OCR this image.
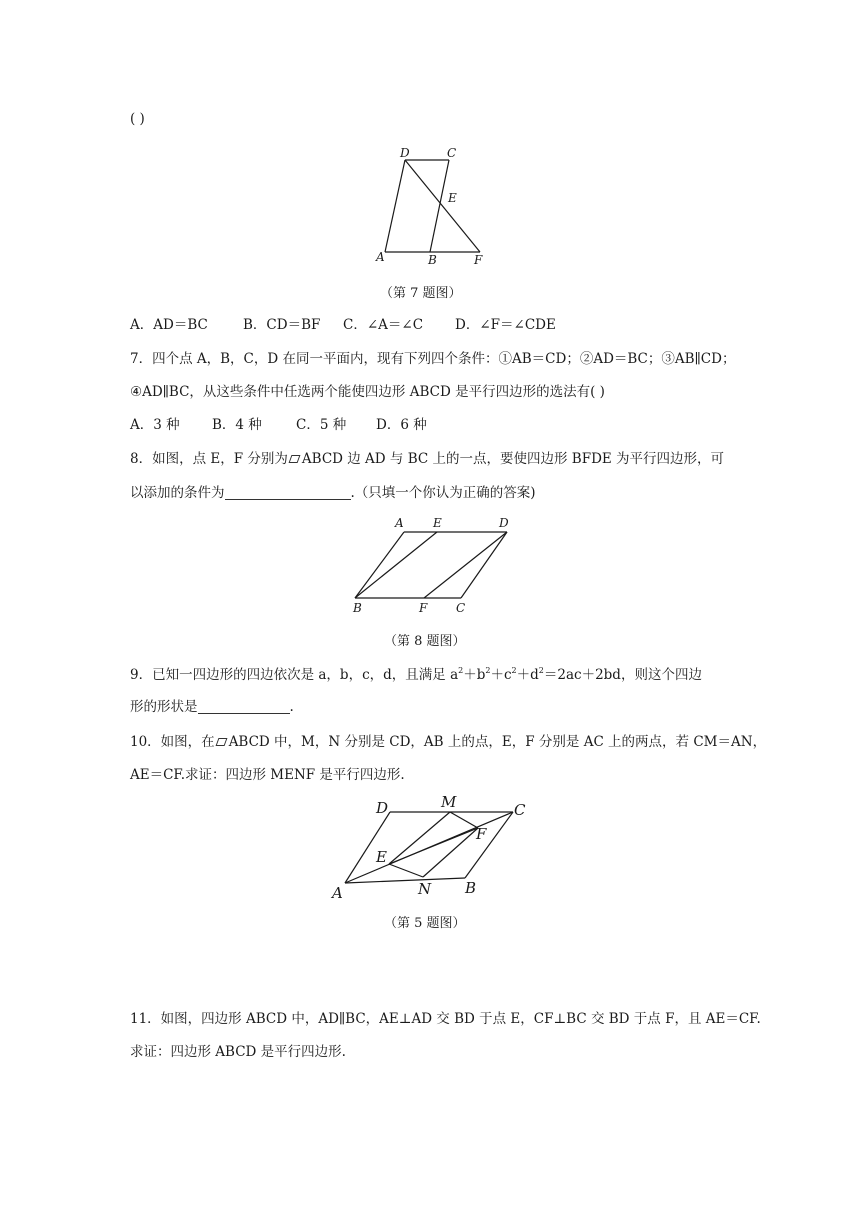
( )
D	C
E
A	B	F
（第 7 题图）
A．AD＝BC	B．CD＝BF C．∠A＝∠C D．∠F＝∠CDE
7．四个点 A，B，C，D 在同一平面内，现有下列四个条件：①AB＝CD；②AD＝BC；③AB∥CD；
④AD∥BC，从这些条件中任选两个能使四边形 ABCD 是平行四边形的选法有( )
A．3 种 B．4 种	C．5 种 D．6 种
8．如图，点 E，F 分别为 ABCD 边 AD 与 BC 上的一点，要使四边形 BFDE 为平行四边形，可
以添加的条件为	.（只填一个你认为正确的答案)
A E	D
B	F C
（第 8 题图）
9．已知一四边形的四边依次是 a，b，c，d，且满足 $a^2+b^2+c^2+d^2=2ac+2bd$，则这个四边
形的形状是	.
10．如图，在 ABCD 中，M，N 分别是 CD，AB 上的点，E，F 分别是 AC 上的两点，若 CM＝AN，
AE＝CF.求证：四边形 MENF 是平行四边形.
D	M	C
F
E
A	N B
（第 5 题图）
11．如图，四边形 ABCD 中，AD∥BC，AE⊥AD 交 BD 于点 E，CF⊥BC 交 BD 于点 F，且 AE＝CF.
求证：四边形 ABCD 是平行四边形.
